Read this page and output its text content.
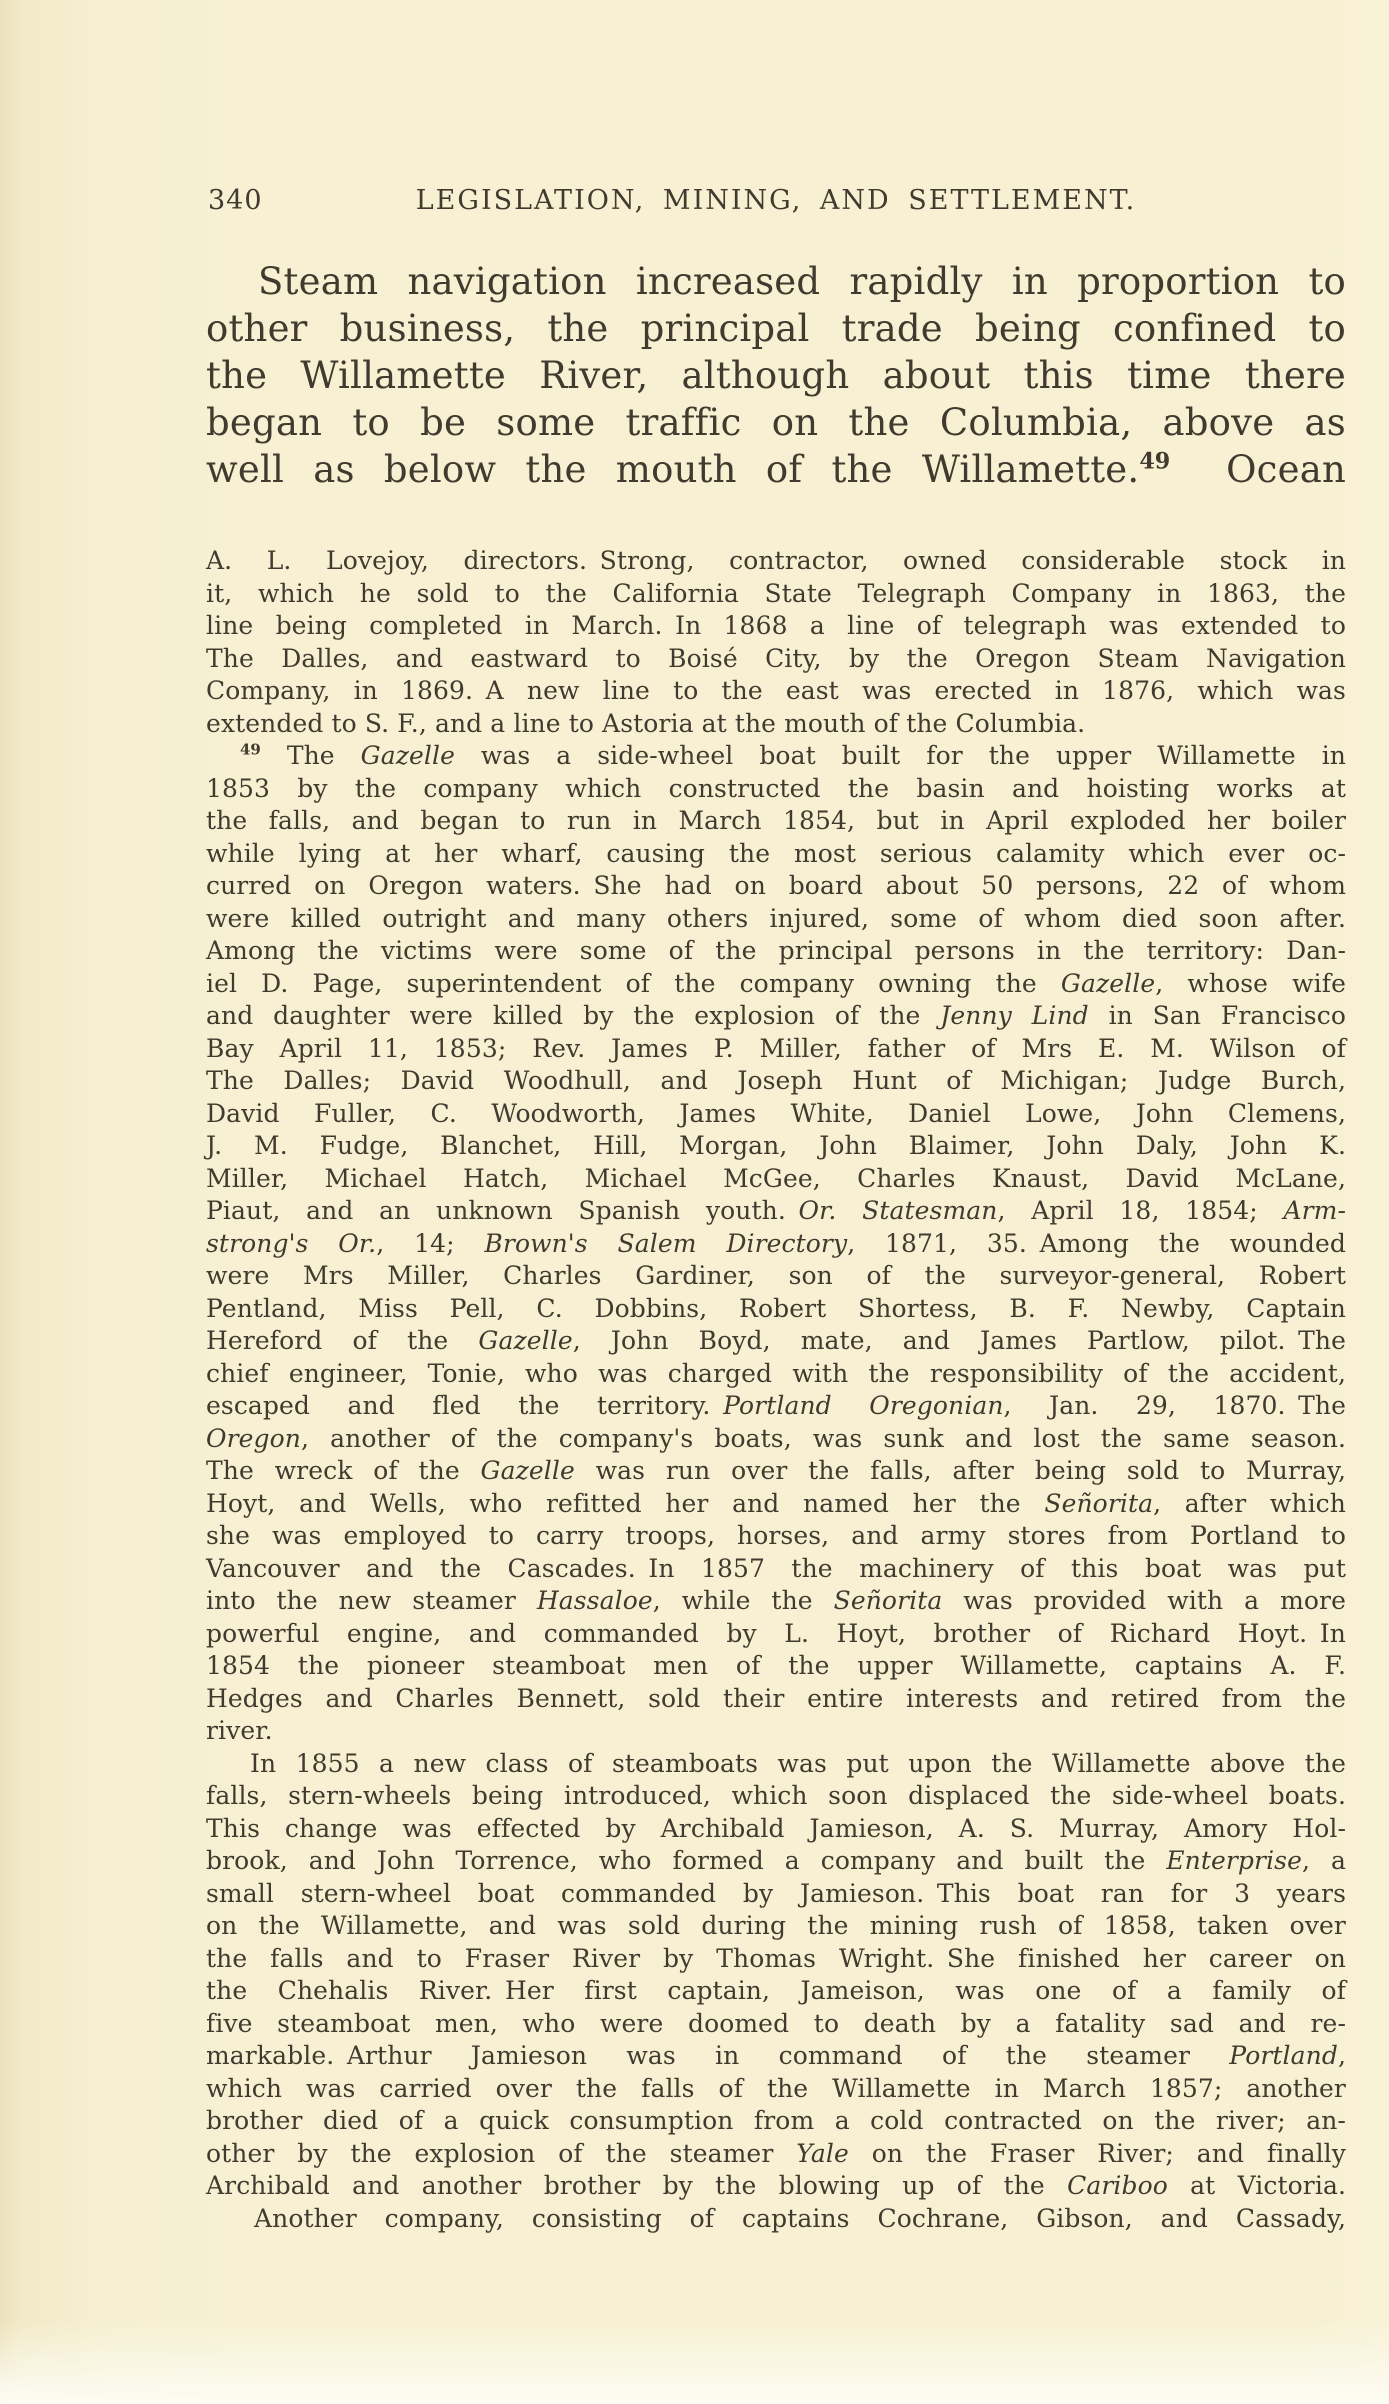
340	LEGISLATION, MINING, AND SETTLEMENT.
Steam navigation increased rapidly in proportion to
other business, the principal trade being confined to
the Willamette River, although about this time there
began to be some traffic on the Columbia, above as
well as below the mouth of the Willamette.$^{49}$  Ocean
A. L. Lovejoy, directors. Strong, contractor, owned considerable stock in
it, which he sold to the California State Telegraph Company in 1863, the
line being completed in March. In 1868 a line of telegraph was extended to
The Dalles, and eastward to Boisé City, by the Oregon Steam Navigation
Company, in 1869. A new line to the east was erected in 1876, which was
extended to S. F., and a line to Astoria at the mouth of the Columbia.
$^{49}$ The Gazelle was a side-wheel boat built for the upper Willamette in
1853 by the company which constructed the basin and hoisting works at
the falls, and began to run in March 1854, but in April exploded her boiler
while lying at her wharf, causing the most serious calamity which ever oc-
curred on Oregon waters. She had on board about 50 persons, 22 of whom
were killed outright and many others injured, some of whom died soon after.
Among the victims were some of the principal persons in the territory: Dan-
iel D. Page, superintendent of the company owning the Gazelle, whose wife
and daughter were killed by the explosion of the Jenny Lind in San Francisco
Bay April 11, 1853; Rev. James P. Miller, father of Mrs E. M. Wilson of
The Dalles; David Woodhull, and Joseph Hunt of Michigan; Judge Burch,
David Fuller, C. Woodworth, James White, Daniel Lowe, John Clemens,
J. M. Fudge, Blanchet, Hill, Morgan, John Blaimer, John Daly, John K.
Miller, Michael Hatch, Michael McGee, Charles Knaust, David McLane,
Piaut, and an unknown Spanish youth. Or. Statesman, April 18, 1854; Arm-
strong's Or., 14; Brown's Salem Directory, 1871, 35. Among the wounded
were Mrs Miller, Charles Gardiner, son of the surveyor-general, Robert
Pentland, Miss Pell, C. Dobbins, Robert Shortess, B. F. Newby, Captain
Hereford of the Gazelle, John Boyd, mate, and James Partlow, pilot. The
chief engineer, Tonie, who was charged with the responsibility of the accident,
escaped and fled the territory. Portland Oregonian, Jan. 29, 1870. The
Oregon, another of the company's boats, was sunk and lost the same season.
The wreck of the Gazelle was run over the falls, after being sold to Murray,
Hoyt, and Wells, who refitted her and named her the Señorita, after which
she was employed to carry troops, horses, and army stores from Portland to
Vancouver and the Cascades. In 1857 the machinery of this boat was put
into the new steamer Hassaloe, while the Señorita was provided with a more
powerful engine, and commanded by L. Hoyt, brother of Richard Hoyt. In
1854 the pioneer steamboat men of the upper Willamette, captains A. F.
Hedges and Charles Bennett, sold their entire interests and retired from the
river.
In 1855 a new class of steamboats was put upon the Willamette above the
falls, stern-wheels being introduced, which soon displaced the side-wheel boats.
This change was effected by Archibald Jamieson, A. S. Murray, Amory Hol-
brook, and John Torrence, who formed a company and built the Enterprise, a
small stern-wheel boat commanded by Jamieson. This boat ran for 3 years
on the Willamette, and was sold during the mining rush of 1858, taken over
the falls and to Fraser River by Thomas Wright. She finished her career on
the Chehalis River. Her first captain, Jameison, was one of a family of
five steamboat men, who were doomed to death by a fatality sad and re-
markable. Arthur Jamieson was in command of the steamer Portland,
which was carried over the falls of the Willamette in March 1857; another
brother died of a quick consumption from a cold contracted on the river; an-
other by the explosion of the steamer Yale on the Fraser River; and finally
Archibald and another brother by the blowing up of the Cariboo at Victoria.
Another company, consisting of captains Cochrane, Gibson, and Cassady,
